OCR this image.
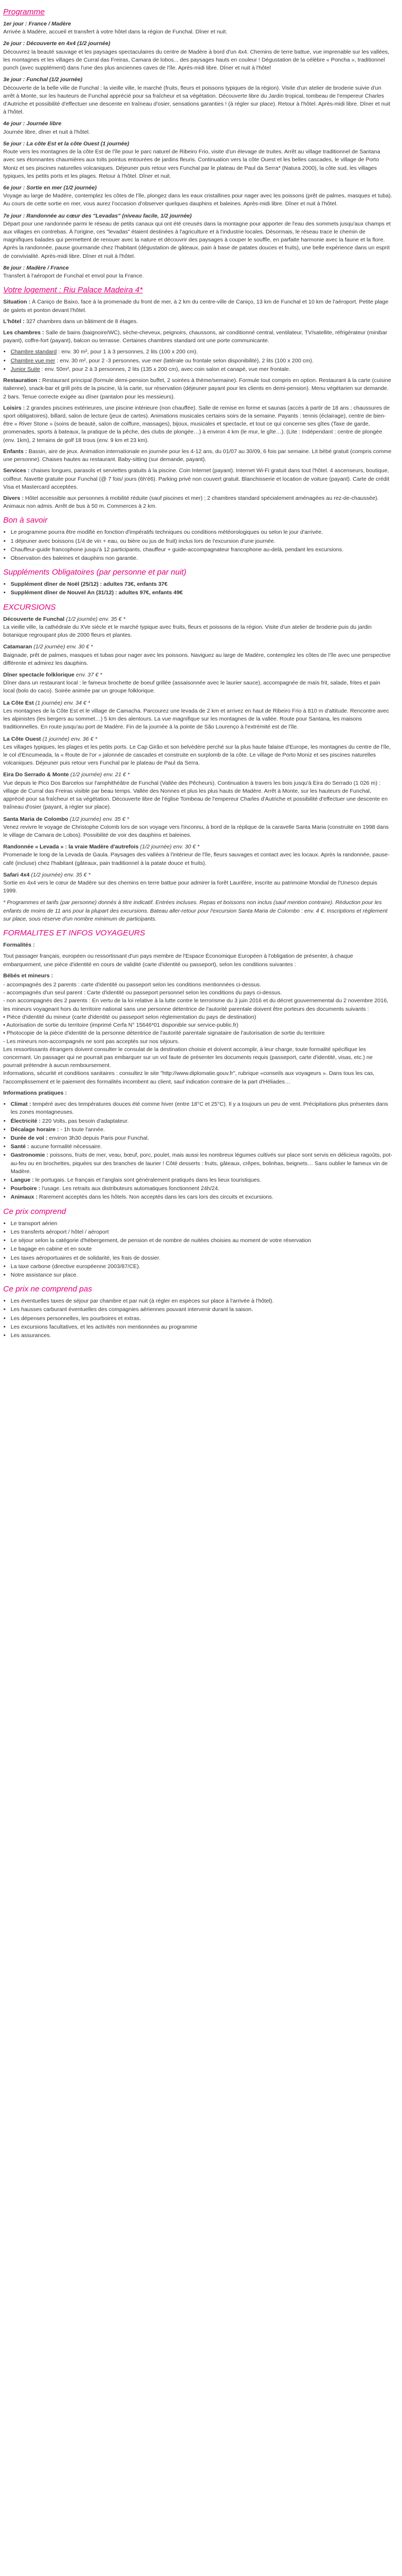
Programme
1er jour : France / Madère
Arrivée à Madère, accueil et transfert à votre hôtel dans la région de Funchal. Dîner et nuit.
2e jour : Découverte en 4x4 (1/2 journée)
Découvrez la beauté sauvage et les paysages spectaculaires du centre de Madère à bord d'un 4x4. Chemins de terre battue, vue imprenable sur les vallées, les montagnes et les villages de Curral das Freiras, Camara de lobos... des paysages hauts en couleur ! Dégustation de la célèbre « Poncha », traditionnel punch (avec supplément) dans l'une des plus anciennes caves de l'île. Après-midi libre. Dîner et nuit à l'hôtel
3e jour : Funchal (1/2 journée)
Découverte de la belle ville de Funchal : la vieille ville, le marché (fruits, fleurs et poissons typiques de la région). Visite d'un atelier de broderie suivie d'un arrêt à Monte, sur les hauteurs de Funchal apprécié pour sa fraîcheur et sa végétation. Découverte libre du Jardin tropical, tombeau de l'empereur Charles d'Autriche et possibilité d'effectuer une descente en traîneau d'osier, sensations garanties ! (à régler sur place). Retour à l'hôtel. Après-midi libre. Dîner et nuit à l'hôtel.
4e jour : Journée libre
Journée libre, dîner et nuit à l'hôtel.
5e jour : La côte Est et la côte Ouest (1 journée)
Route vers les montagnes de la côte Est de l'île pour le parc naturel de Ribeiro Frio, visite d'un élevage de truites. Arrêt au village traditionnel de Santana avec ses étonnantes chaumières aux toits pointus entourées de jardins fleuris. Continuation vers la côte Ouest et les belles cascades, le village de Porto Moniz et ses piscines naturelles volcaniques. Déjeuner puis retour vers Funchal par le plateau de Paul da Serra* (Natura 2000), la côte sud, les villages typiques, les petits ports et les plages. Retour à l'hôtel. Dîner et nuit.
6e jour : Sortie en mer (1/2 journée)
Voyage au large de Madère, contemplez les côtes de l'île, plongez dans les eaux cristallines pour nager avec les poissons (prêt de palmes, masques et tuba). Au cours de cette sortie en mer, vous aurez l'occasion d'observer quelques dauphins et baleines. Après-midi libre. Dîner et nuit à l'hôtel.
7e jour : Randonnée au cœur des "Levadas" (niveau facile, 1/2 journée)
Départ pour une randonnée parmi le réseau de petits canaux qui ont été creusés dans la montagne pour apporter de l'eau des sommets jusqu'aux champs et aux villages en contrebas. À l'origine, ces "levadas" étaient destinées à l'agriculture et à l'industrie locales. Désormais, le réseau trace le chemin de magnifiques balades qui permettent de renouer avec la nature et découvrir des paysages à couper le souffle, en parfaite harmonie avec la faune et la flore. Après la randonnée, pause gourmande chez l'habitant (dégustation de gâteaux, pain à base de patates douces et fruits), une belle expérience dans un esprit de convivialité. Après-midi libre. Dîner et nuit à l'hôtel.
8e jour : Madère / France
Transfert à l'aéroport de Funchal et envol pour la France.
Votre logement : Riu Palace Madeira 4*

Situation : À Caniço de Baixo, face à la promenade du front de mer, à 2 km du centre-ville de Caniço, 13 km de Funchal et 10 km de l'aéroport. Petite plage de galets et ponton devant l'hôtel.

L'hôtel : 327 chambres dans un bâtiment de 8 étages.

Les chambres : Salle de bains (baignoire/WC), sèche-cheveux, peignoirs, chaussons, air conditionné central, ventilateur, TV/satellite, réfrigérateur (minibar payant), coffre-fort (payant), balcon ou terrasse. Certaines chambres standard ont une porte communicante.

• Chambre standard : env. 30 m², pour 1 à 3 personnes, 2 lits (100 x 200 cm).
• Chambre vue mer : env. 30 m², pour 2 -3 personnes, vue mer (latérale ou frontale selon disponibilité), 2 lits (100 x 200 cm).
• Junior Suite : env. 50m², pour 2 à 3 personnes, 2 lits (135 x 200 cm), avec coin salon et canapé, vue mer frontale.

Restauration : Restaurant principal (formule demi-pension buffet, 2 soirées à thème/semaine). Formule tout compris en option. Restaurant à la carte (cuisine italienne), snack-bar et grill près de la piscine, là la carte, sur réservation (déjeuner payant pour les clients en demi-pension). Menu végétarien sur demande. 2 bars. Tenue correcte exigée au dîner (pantalon pour les messieurs).

Loisirs : 2 grandes piscines extérieures, une piscine intérieure (non chauffée). Salle de remise en forme et saunas (accès à partir de 18 ans ; chaussures de sport obligatoires), billard, salon de lecture (jeux de cartes). Animations musicales certains soirs de la semaine. Payants : tennis (éclairage), centre de bien-être « River Stone » (soins de beauté, salon de coiffure, massages), bijoux, musicales et spectacle, et tout ce qui concerne ses gîtes (Taxe de garde, promenades, sports à bateaux, la pratique de la pêche, des clubs de plongée…) à environ 4 km (le mur, le gîte…). (Lite : Indépendant : centre de plongée (env. 1km), 2 terrains de golf 18 trous (env. 9 km et 23 km).

Enfants : Bassin, aire de jeux. Animation internationale en journée pour les 4-12 ans, du 01/07 au 30/09, 6 fois par semaine. Lit bébé gratuit (compris comme une personne). Chaises hautes au restaurant. Baby-sitting (sur demande, payant).

Services : chaises longues, parasols et serviettes gratuits à la piscine. Coin Internet (payant). Internet Wi-Fi gratuit dans tout l'hôtel. 4 ascenseurs, boutique, coiffeur. Navette gratuite pour Funchal (@ 7 fois/ jours (6h'é6). Parking privé non couvert gratuit. Blanchisserie et location de voiture (payant). Carte de crédit Visa et Mastercard acceptées.

Divers : Hôtel accessible aux personnes à mobilité réduite (sauf piscines et mer) ; 2 chambres standard spécialement aménagées au rez-de-chaussée). Animaux non admis. Arrêt de bus à 50 m. Commerces à 2 km.

Bon à savoir
• Le programme pourra être modifié en fonction d'impératifs techniques ou conditions météorologiques ou selon le jour d'arrivée.
• 1 déjeuner avec boissons (1/4 de vin + eau, ou bière ou jus de fruit) inclus lors de l'excursion d'une journée.
• Chauffeur-guide francophone jusqu'à 12 participants, chauffeur + guide-accompagnateur francophone au-delà, pendant les excursions.
• Observation des baleines et dauphins non garantie.
Suppléments Obligatoires (par personne et par nuit)
• Supplément dîner de Noël (25/12) : adultes 73€, enfants 37€
• Supplément dîner de Nouvel An (31/12) : adultes 97€, enfants 49€
EXCURSIONS
Découverte de Funchal (1/2 journée) env. 35 € *
La vieille ville, la cathédrale du XVe siècle et le marché typique avec fruits, fleurs et poissons de la région. Visite d'un atelier de broderie puis du jardin botanique regroupant plus de 2000 fleurs et plantes.
Catamaran (1/2 journée) env. 30 € *
Baignade, prêt de palmes, masques et tubas pour nager avec les poissons. Naviguez au large de Madère, contemplez les côtes de l'île avec une perspective différente et admirez les dauphins.
Dîner spectacle folklorique env. 37 € *
Dîner dans un restaurant local : le fameux brochette de boeuf grillée (assaisonnée avec le laurier sauce), accompagnée de maïs frit, salade, frites et pain local (bolo do caco). Soirée animée par un groupe folklorique.
La Côte Est (1 journée) env. 34 € *
Les montagnes de la Côte Est et le village de Camacha. Parcourez une levada de 2 km et arrivez en haut de Ribeiro Frio à 810 m d'altitude. Rencontre avec les alpinistes (les bergers au sommet…) 5 km des alentours. La vue magnifique sur les montagnes de la vallée. Route pour Santana, les maisons traditionnelles. En route jusqu'au port de Madère. Fin de la journée à la pointe de São Lourenço à l'extrémité est de l'île.
La Côte Ouest (1 journée) env. 36 € *
Les villages typiques, les plages et les petits ports. Le Cap Girão et son belvédère perché sur la plus haute falaise d'Europe, les montagnes du centre de l'île, le col d'Encumeada, la « Route de l'or » jalonnée de cascades et construite en surplomb de la côte. Le village de Porto Moniz et ses piscines naturelles volcaniques. Déjeuner puis retour vers Funchal par le plateau de Paul da Serra.
Eira Do Serrado & Monte (1/2 journée) env. 21 € *
Vue depuis le Pico Dos Barcelos sur l'amphithéâtre de Funchal (Vallée des Pêcheurs). Continuation à travers les bois jusqu'à Eira do Serrado (1 026 m) : village de Curral das Freiras visible par beau temps. Vallée des Nonnes et plus les plus hauts de Madère. Arrêt à Monte, sur les hauteurs de Funchal, apprécié pour sa fraîcheur et sa végétation. Découverte libre de l'église Tombeau de l'empereur Charles d'Autriche et possibilité d'effectuer une descente en traîneau d'osier (payant, à régler sur place).
Santa Maria de Colombo (1/2 journée) env. 35 € *
Venez revivre le voyage de Christophe Colomb lors de son voyage vers l'inconnu, à bord de la réplique de la caravelle Santa Maria (construite en 1998 dans le village de Camara de Lobos). Possibilité de voir des dauphins et baleines.
Randonnée « Levada » : la vraie Madère d'autrefois (1/2 journée) env. 30 € *
Promenade le long de la Levada de Gaula. Paysages des vallées à l'intérieur de l'île, fleurs sauvages et contact avec les locaux. Après la randonnée, pause-café (incluse) chez l'habitant (gâteaux, pain traditionnel à la patate douce et fruits).
Safari 4x4 (1/2 journée) env. 35 € *
Sortie en 4x4 vers le cœur de Madère sur des chemins en terre battue pour admirer la forêt Laurifère, inscrite au patrimoine Mondial de l'Unesco depuis 1999.

* Programmes et tarifs (par personne) donnés à titre indicatif. Entrées incluses. Repas et boissons non inclus (sauf mention contraire). Réduction pour les enfants de moins de 11 ans pour la plupart des excursions. Bateau aller-retour pour l'excursion Santa Maria de Colombo : env. 4 €. Inscriptions et règlement sur place, sous réserve d'un nombre minimum de participants.

FORMALITES ET INFOS VOYAGEURS

Formalités :

Tout passager français, européen ou ressortissant d'un pays membre de l'Espace Économique Européen à l'obligation de présenter, à chaque embarquement, une pièce d'identité en cours de validité (carte d'identité ou passeport), selon les conditions suivantes :

Bébés et mineurs :

- accompagnés des 2 parents : carte d'identité ou passeport selon les conditions mentionnées ci-dessus.
- accompagnés d'un seul parent : Carte d'identité ou passeport personnel selon les conditions du pays ci-dessus.
- non accompagnés des 2 parents : En vertu de la loi relative à la lutte contre le terrorisme du 3 juin 2016 et du décret gouvernemental du 2 novembre 2016, les mineurs voyageant hors du territoire national sans une personne détentrice de l'autorité parentale doivent être porteurs des documents suivants :
• Pièce d'identité du mineur (carte d'identité ou passeport selon réglementation du pays de destination)
• Autorisation de sortie du territoire (imprimé Cerfa N° 15646*01 disponible sur service-public.fr)
• Photocopie de la pièce d'identité de la personne détentrice de l'autorité parentale signataire de l'autorisation de sortie du territoire
- Les mineurs non-accompagnés ne sont pas acceptés sur nos séjours.
Les ressortissants étrangers doivent consulter le consulat de la destination choisie et doivent accomplir, à leur charge, toute formalité spécifique les concernant. Un passager qui ne pourrait pas embarquer sur un vol faute de présenter les documents requis (passeport, carte d'identité, visas, etc.) ne pourrait prétendre à aucun remboursement.
Informations, sécurité et conditions sanitaires : consultez le site "http://www.diplomatie.gouv.fr", rubrique «conseils aux voyageurs ». Dans tous les cas, l'accomplissement et le paiement des formalités incombent au client, sauf indication contraire de la part d'Héliades…

Informations pratiques :

• Climat : tempéré avec des températures douces été comme hiver (entre 18°C et 25°C). Il y a toujours un peu de vent. Précipitations plus présentes dans les zones montagneuses.
• Électricité : 220 Volts, pas besoin d'adaptateur.
• Décalage horaire : - 1h toute l'année.
• Durée de vol : environ 3h30 depuis Paris pour Funchal.
• Santé : aucune formalité nécessaire.
• Gastronomie : poissons, fruits de mer, veau, bœuf, porc, poulet, mais aussi les nombreux légumes cultivés sur place sont servis en délicieux ragoûts, pot-au-feu ou en brochettes, piquées sur des branches de laurier ! Côté desserts : fruits, gâteaux, crêpes, bolinhas, beignets… Sans oublier le fameux vin de Madère.
• Langue : le portugais. Le français et l'anglais sont généralement pratiqués dans les lieux touristiques.
• Pourboire : l'usage. Les retraits aux distributeurs automatiques fonctionnent 24h/24.
• Animaux : Rarement acceptés dans les hôtels. Non acceptés dans les cars lors des circuits et excursions.
Ce prix comprend
• Le transport aérien
• Les transferts aéroport / hôtel / aéroport
• Le séjour selon la catégorie d'hébergement, de pension et de nombre de nuitées choisies au moment de votre réservation
• Le bagage en cabine et en soute
• Les taxes aéroportuaires et de solidarité, les frais de dossier.
• La taxe carbone (directive européenne 2003/87/CE).
• Notre assistance sur place.
Ce prix ne comprend pas
• Les éventuelles taxes de séjour par chambre et par nuit (à régler en espèces sur place à l'arrivée à l'hôtel).
• Les hausses carburant éventuelles des compagnies aériennes pouvant intervenir durant la saison.
• Les dépenses personnelles, les pourboires et extras.
• Les excursions facultatives, et les activités non mentionnées au programme
• Les assurances.
